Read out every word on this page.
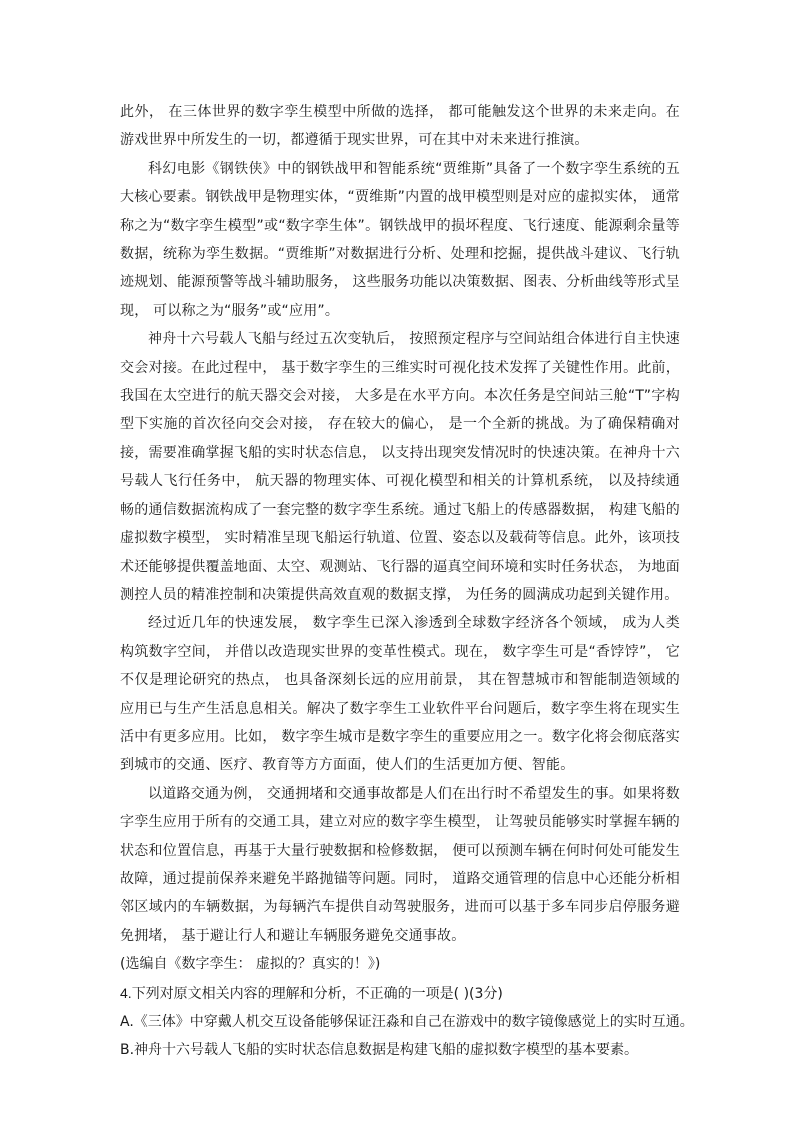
此外， 在三体世界的数字孪生模型中所做的选择， 都可能触发这个世界的未来走向。在游戏世界中所发生的一切，都遵循于现实世界，可在其中对未来进行推演。

科幻电影《钢铁侠》中的钢铁战甲和智能系统“贾维斯”具备了一个数字孪生系统的五大核心要素。钢铁战甲是物理实体，“贾维斯”内置的战甲模型则是对应的虚拟实体， 通常称之为“数字孪生模型”或“数字孪生体”。钢铁战甲的损坏程度、飞行速度、能源剩余量等数据，统称为孪生数据。“贾维斯”对数据进行分析、处理和挖掘，提供战斗建议、飞行轨迹规划、能源预警等战斗辅助服务， 这些服务功能以决策数据、图表、分析曲线等形式呈现， 可以称之为“服务”或“应用”。

神舟十六号载人飞船与经过五次变轨后， 按照预定程序与空间站组合体进行自主快速交会对接。在此过程中， 基于数字孪生的三维实时可视化技术发挥了关键性作用。此前，我国在太空进行的航天器交会对接， 大多是在水平方向。本次任务是空间站三舱“T”字构型下实施的首次径向交会对接， 存在较大的偏心， 是一个全新的挑战。为了确保精确对接，需要准确掌握飞船的实时状态信息， 以支持出现突发情况时的快速决策。在神舟十六号载人飞行任务中， 航天器的物理实体、可视化模型和相关的计算机系统， 以及持续通畅的通信数据流构成了一套完整的数字孪生系统。通过飞船上的传感器数据， 构建飞船的虚拟数字模型， 实时精准呈现飞船运行轨道、位置、姿态以及载荷等信息。此外，该项技术还能够提供覆盖地面、太空、观测站、飞行器的逼真空间环境和实时任务状态， 为地面测控人员的精准控制和决策提供高效直观的数据支撑， 为任务的圆满成功起到关键作用。

经过近几年的快速发展， 数字孪生已深入渗透到全球数字经济各个领域， 成为人类构筑数字空间， 并借以改造现实世界的变革性模式。现在， 数字孪生可是“香饽饽”， 它不仅是理论研究的热点， 也具备深刻长远的应用前景， 其在智慧城市和智能制造领域的应用已与生产生活息息相关。解决了数字孪生工业软件平台问题后，数字孪生将在现实生活中有更多应用。比如， 数字孪生城市是数字孪生的重要应用之一。数字化将会彻底落实到城市的交通、医疗、教育等方方面面，使人们的生活更加方便、智能。

以道路交通为例， 交通拥堵和交通事故都是人们在出行时不希望发生的事。如果将数字孪生应用于所有的交通工具，建立对应的数字孪生模型， 让驾驶员能够实时掌握车辆的状态和位置信息，再基于大量行驶数据和检修数据， 便可以预测车辆在何时何处可能发生故障，通过提前保养来避免半路抛锚等问题。同时， 道路交通管理的信息中心还能分析相邻区域内的车辆数据，为每辆汽车提供自动驾驶服务，进而可以基于多车同步启停服务避免拥堵， 基于避让行人和避让车辆服务避免交通事故。

(选编自《数字孪生： 虚拟的？真实的！》)

4.下列对原文相关内容的理解和分析，不正确的一项是( )(3分)

A.《三体》中穿戴人机交互设备能够保证汪淼和自己在游戏中的数字镜像感觉上的实时互通。

B.神舟十六号载人飞船的实时状态信息数据是构建飞船的虚拟数字模型的基本要素。
